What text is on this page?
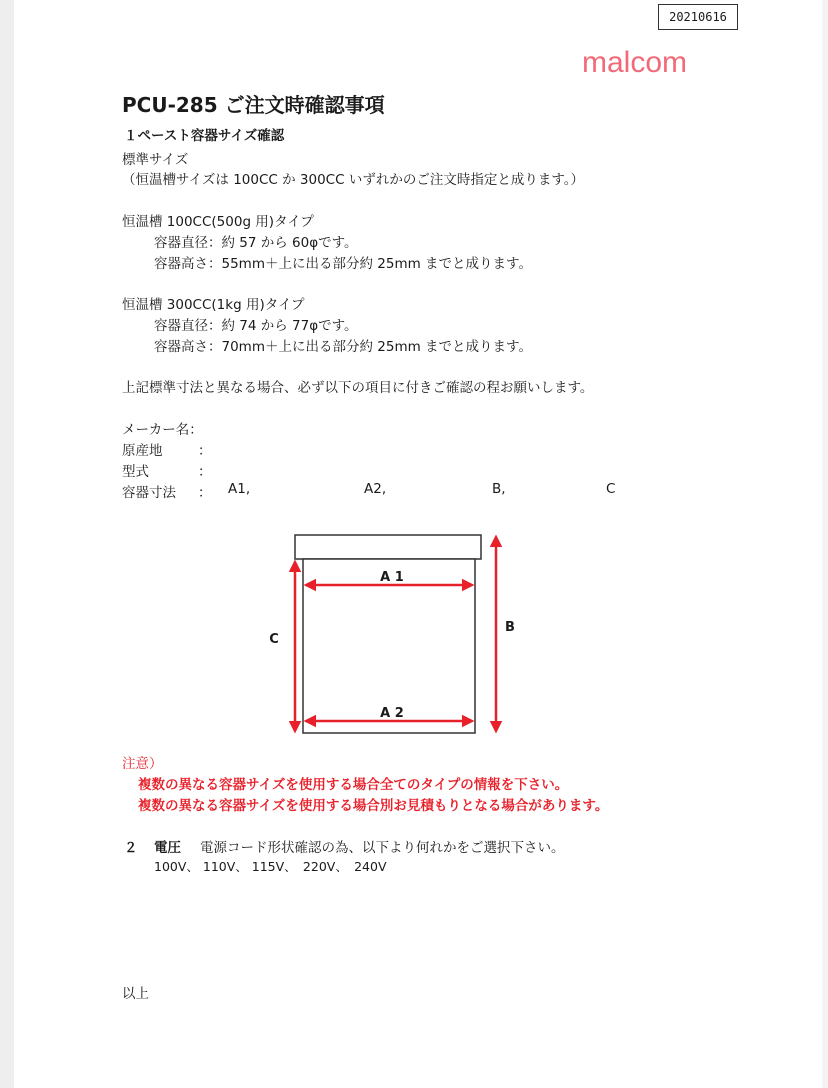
20210616
malcom
PCU-285 ご注文時確認事項
１ペースト容器サイズ確認
標準サイズ
（恒温槽サイズは 100CC か 300CC いずれかのご注文時指定と成ります。）
恒温槽 100CC(500g 用)タイプ
容器直径：約 57 から 60φです。
容器高さ：55mm＋上に出る部分約 25mm までと成ります。
恒温槽 300CC(1kg 用)タイプ
容器直径：約 74 から 77φです。
容器高さ：70mm＋上に出る部分約 25mm までと成ります。
上記標準寸法と異なる場合、必ず以下の項目に付きご確認の程お願いします。
メーカー名：
原産地	：
型式	：
容器寸法 ： A1,	A2,	B,	C
A 1
A 2
C
B
注意）
複数の異なる容器サイズを使用する場合全てのタイプの情報を下さい。
複数の異なる容器サイズを使用する場合別お見積もりとなる場合があります。
２ 電圧 電源コード形状確認の為、以下より何れかをご選択下さい。
100V、 110V、 115V、　220V、　240V
以上
